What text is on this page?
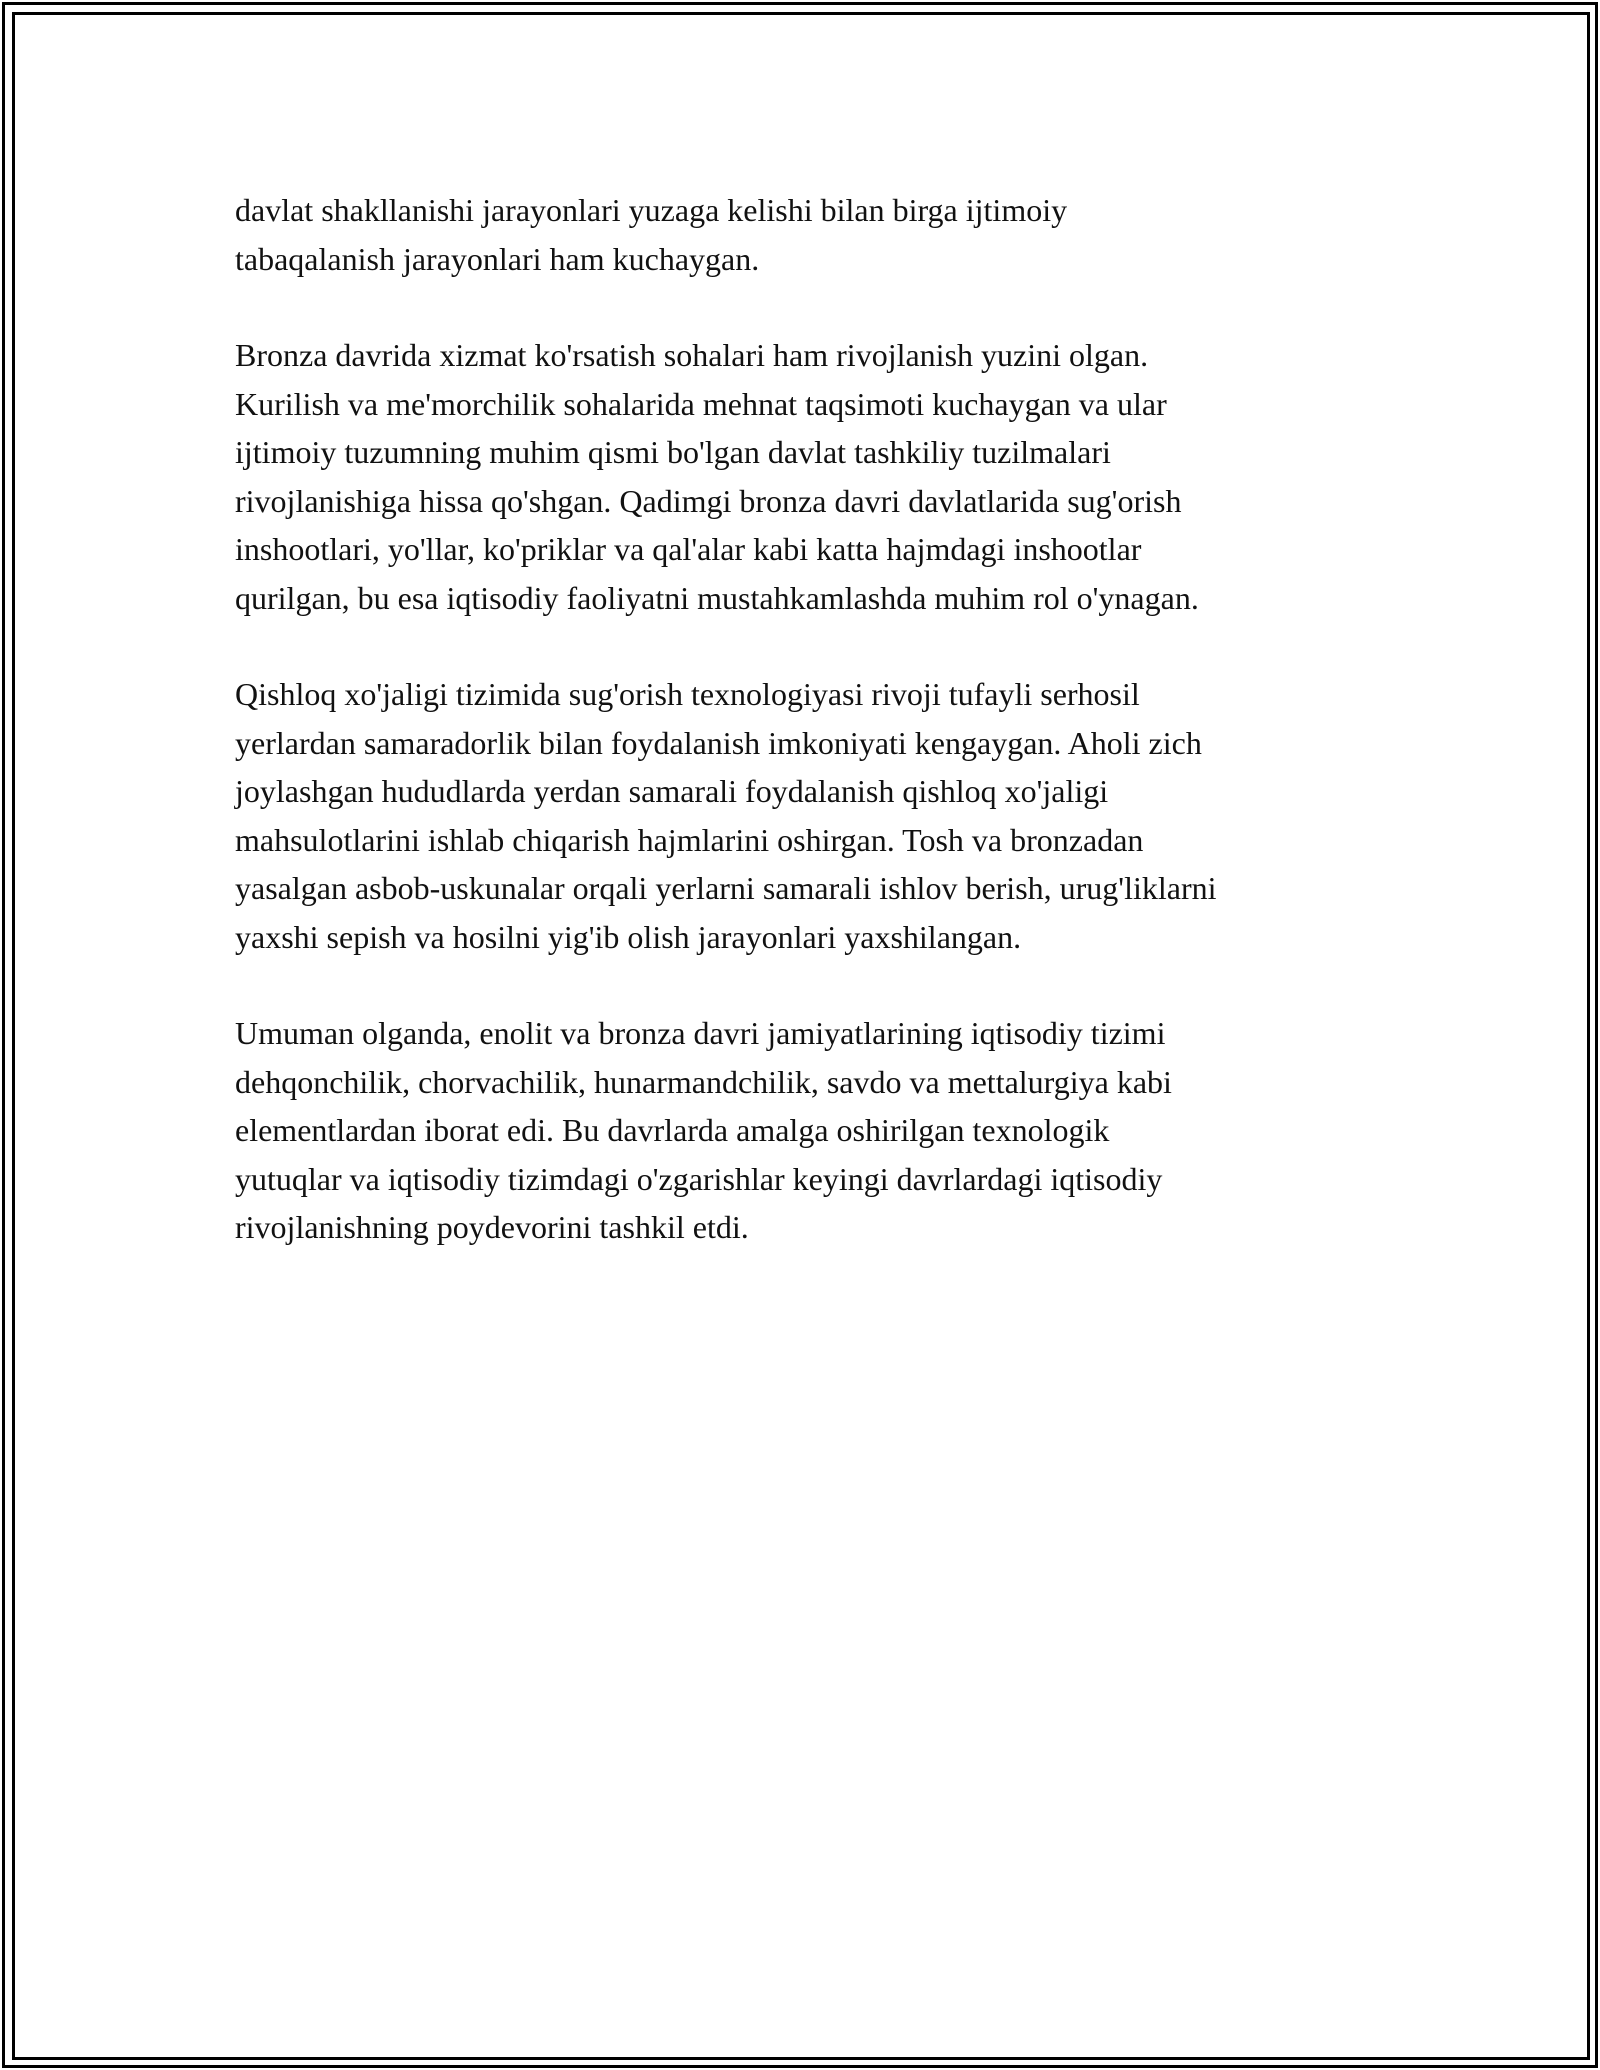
davlat shakllanishi jarayonlari yuzaga kelishi bilan birga ijtimoiy
tabaqalanish jarayonlari ham kuchaygan.

Bronza davrida xizmat ko'rsatish sohalari ham rivojlanish yuzini olgan.
Kurilish va me'morchilik sohalarida mehnat taqsimoti kuchaygan va ular
ijtimoiy tuzumning muhim qismi bo'lgan davlat tashkiliy tuzilmalari
rivojlanishiga hissa qo'shgan. Qadimgi bronza davri davlatlarida sug'orish
inshootlari, yo'llar, ko'priklar va qal'alar kabi katta hajmdagi inshootlar
qurilgan, bu esa iqtisodiy faoliyatni mustahkamlashda muhim rol o'ynagan.

Qishloq xo'jaligi tizimida sug'orish texnologiyasi rivoji tufayli serhosil
yerlardan samaradorlik bilan foydalanish imkoniyati kengaygan. Aholi zich
joylashgan hududlarda yerdan samarali foydalanish qishloq xo'jaligi
mahsulotlarini ishlab chiqarish hajmlarini oshirgan. Tosh va bronzadan
yasalgan asbob-uskunalar orqali yerlarni samarali ishlov berish, urug'liklarni
yaxshi sepish va hosilni yig'ib olish jarayonlari yaxshilangan.

Umuman olganda, enolit va bronza davri jamiyatlarining iqtisodiy tizimi
dehqonchilik, chorvachilik, hunarmandchilik, savdo va mettalurgiya kabi
elementlardan iborat edi. Bu davrlarda amalga oshirilgan texnologik
yutuqlar va iqtisodiy tizimdagi o'zgarishlar keyingi davrlardagi iqtisodiy
rivojlanishning poydevorini tashkil etdi.
